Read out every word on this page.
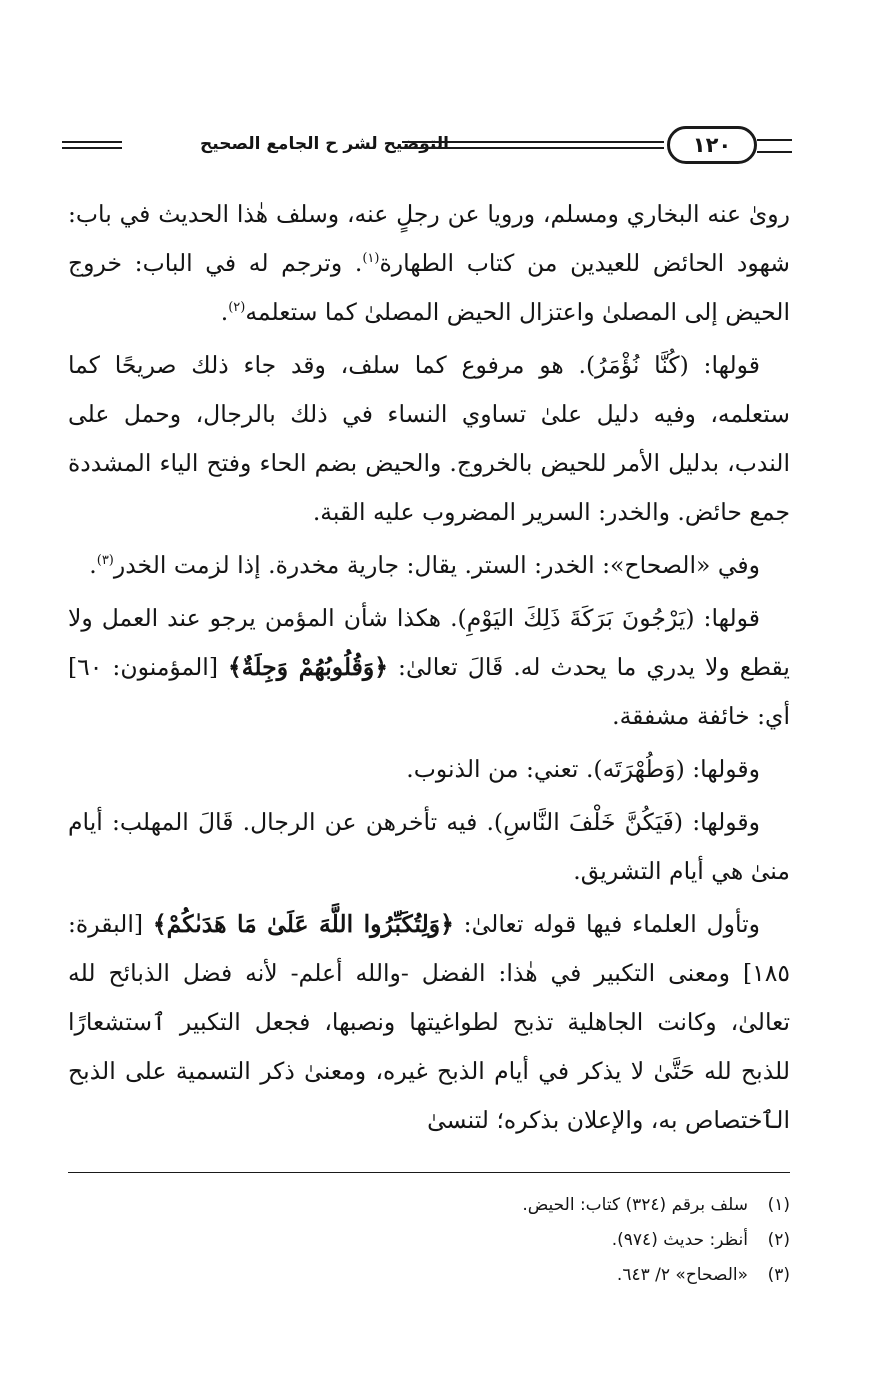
التوضيح لشر ح الجامع الصحيح	١٢٠

روىٰ عنه البخاري ومسلم، ورويا عن رجلٍ عنه، وسلف هٰذا الحديث في باب: شهود الحائض للعيدين من كتاب الطهارة$^{(١)}$. وترجم له في الباب: خروج الحيض إلى المصلىٰ واعتزال الحيض المصلىٰ كما ستعلمه$^{(٢)}$.

قولها: (كُنَّا نُؤْمَرُ). هو مرفوع كما سلف، وقد جاء ذلك صريحًا كما ستعلمه، وفيه دليل علىٰ تساوي النساء في ذلك بالرجال، وحمل على الندب، بدليل الأمر للحيض بالخروج. والحيض بضم الحاء وفتح الياء المشددة جمع حائض. والخدر: السرير المضروب عليه القبة.

وفي «الصحاح»: الخدر: الستر. يقال: جارية مخدرة. إذا لزمت الخدر$^{(٣)}$.

قولها: (يَرْجُونَ بَرَكَةَ ذَلِكَ اليَوْمِ). هكذا شأن المؤمن يرجو عند العمل ولا يقطع ولا يدري ما يحدث له. قَالَ تعالىٰ: ﴿وَقُلُوبُهُمْ وَجِلَةٌ﴾ [المؤمنون: ٦٠] أي: خائفة مشفقة.

وقولها: (وَطُهْرَتَه). تعني: من الذنوب.

وقولها: (فَيَكُنَّ خَلْفَ النَّاسِ). فيه تأخرهن عن الرجال. قَالَ المهلب: أيام منىٰ هي أيام التشريق.

وتأول العلماء فيها قوله تعالىٰ: ﴿وَلِتُكَبِّرُوا اللَّهَ عَلَىٰ مَا هَدَىٰكُمْ﴾ [البقرة: ١٨٥] ومعنى التكبير في هٰذا: الفضل -والله أعلم- لأنه فضل الذبائح لله تعالىٰ، وكانت الجاهلية تذبح لطواغيتها ونصبها، فجعل التكبير ٱستشعارًا للذبح لله حَتَّىٰ لا يذكر في أيام الذبح غيره، ومعنىٰ ذكر التسمية على الذبح الٱختصاص به، والإعلان بذكره؛ لتنسىٰ

(١)
سلف برقم (٣٢٤) كتاب: الحيض.
(٢)
أنظر: حديث (٩٧٤).
(٣)
«الصحاح» ٢/ ٦٤٣.
